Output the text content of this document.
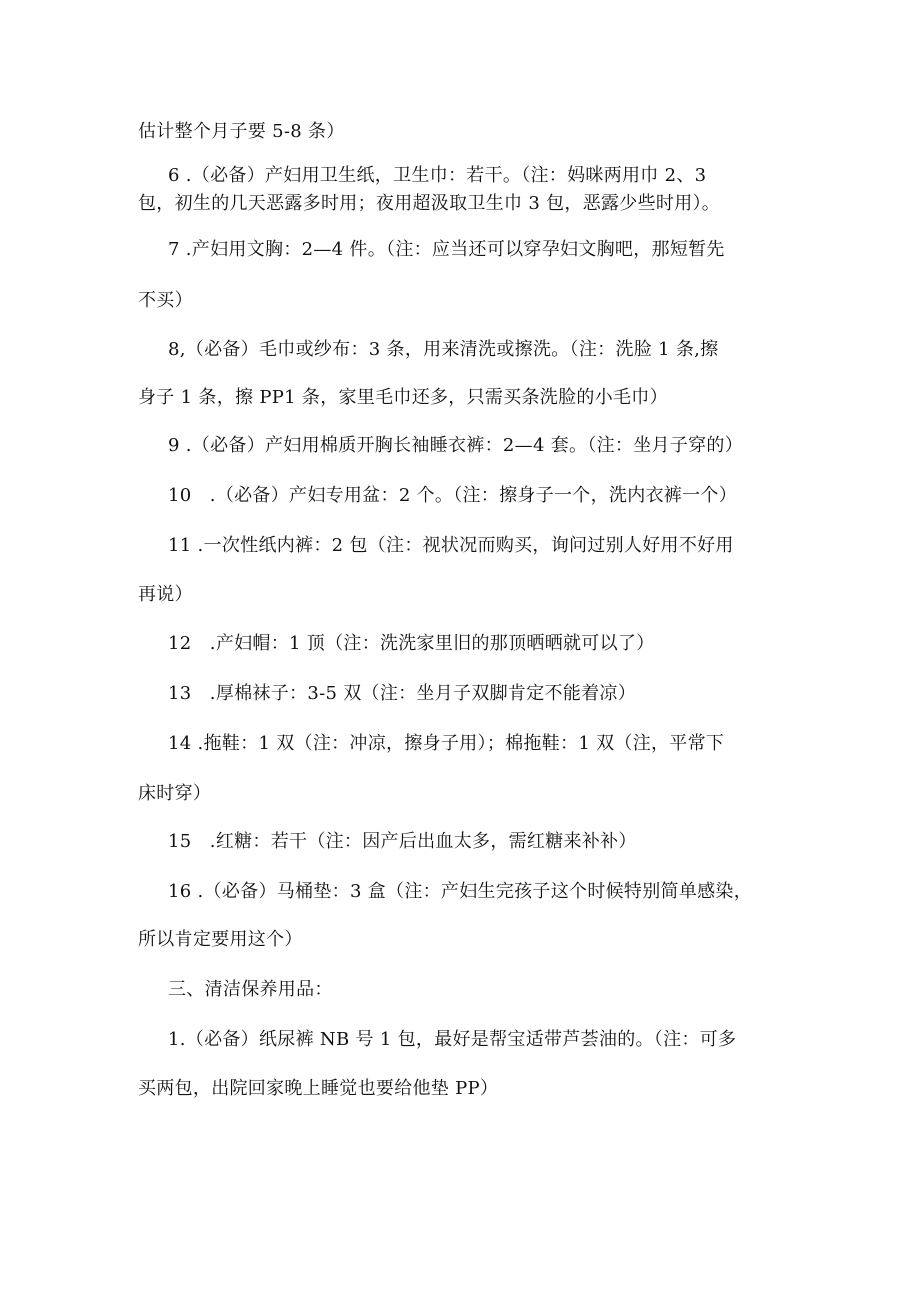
估计整个月子要 5-8 条）
6 .（必备）产妇用卫生纸，卫生巾：若干。（注：妈咪两用巾 2、3
包，初生的几天恶露多时用；夜用超汲取卫生巾 3 包，恶露少些时用）。
7 .产妇用文胸：2—4 件。（注：应当还可以穿孕妇文胸吧，那短暂先
不买）
8,（必备）毛巾或纱布：3 条，用来清洗或擦洗。（注：洗脸 1 条,擦
身子 1 条，擦 PP1 条，家里毛巾还多，只需买条洗脸的小毛巾）
9 .（必备）产妇用棉质开胸长袖睡衣裤：2—4 套。（注：坐月子穿的）
10　.（必备）产妇专用盆：2 个。（注：擦身子一个，洗内衣裤一个）
11 .一次性纸内裤：2 包（注：视状况而购买，询问过别人好用不好用
再说）
12　.产妇帽：1 顶（注：洗洗家里旧的那顶晒晒就可以了）
13　.厚棉袜子：3-5 双（注：坐月子双脚肯定不能着凉）
14 .拖鞋：1 双（注：冲凉，擦身子用）；棉拖鞋：1 双（注，平常下
床时穿）
15　.红糖：若干（注：因产后出血太多，需红糖来补补）
16 .（必备）马桶垫：3 盒（注：产妇生完孩子这个时候特别简单感染，
所以肯定要用这个）
三、清洁保养用品：
1.（必备）纸尿裤 NB 号 1 包，最好是帮宝适带芦荟油的。（注：可多
买两包，出院回家晚上睡觉也要给他垫 PP）
